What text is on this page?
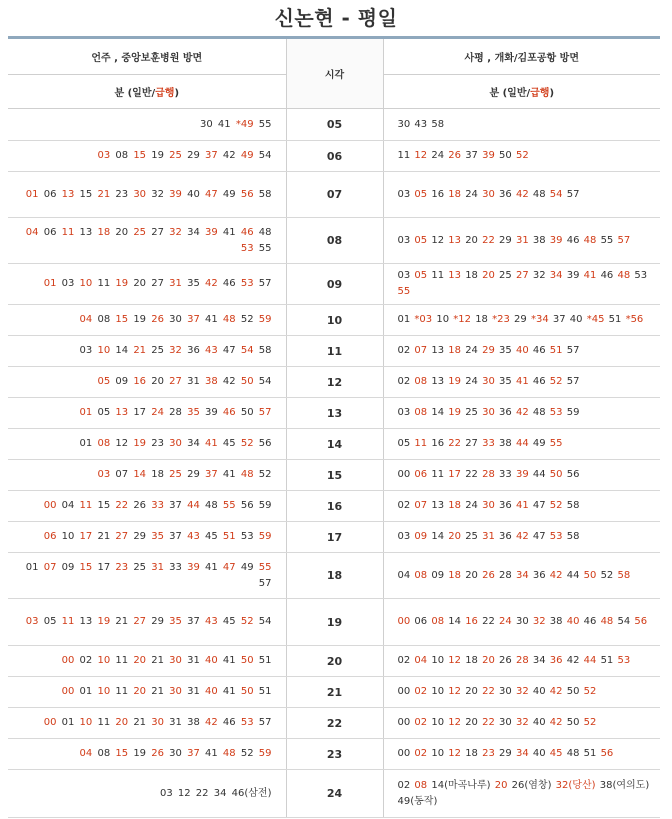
신논현 - 평일
언주 , 중앙보훈병원 방면	시각	사평 , 개화/김포공항 방면
분 (일반/급행)		분 (일반/급행)
30 41 *49 55	05	30 43 58
03 08 15 19 25 29 37 42 49 54	06	11 12 24 26 37 39 50 52
01 06 13 15 21 23 30 32 39 40 47 49 56 58	07	03 05 16 18 24 30 36 42 48 54 57
04 06 11 13 18 20 25 27 32 34 39 41 46 48 53 55	08	03 05 12 13 20 22 29 31 38 39 46 48 55 57
01 03 10 11 19 20 27 31 35 42 46 53 57	09	03 05 11 13 18 20 25 27 32 34 39 41 46 48 53 55
04 08 15 19 26 30 37 41 48 52 59	10	01 *03 10 *12 18 *23 29 *34 37 40 *45 51 *56
03 10 14 21 25 32 36 43 47 54 58	11	02 07 13 18 24 29 35 40 46 51 57
05 09 16 20 27 31 38 42 50 54	12	02 08 13 19 24 30 35 41 46 52 57
01 05 13 17 24 28 35 39 46 50 57	13	03 08 14 19 25 30 36 42 48 53 59
01 08 12 19 23 30 34 41 45 52 56	14	05 11 16 22 27 33 38 44 49 55
03 07 14 18 25 29 37 41 48 52	15	00 06 11 17 22 28 33 39 44 50 56
00 04 11 15 22 26 33 37 44 48 55 56 59	16	02 07 13 18 24 30 36 41 47 52 58
06 10 17 21 27 29 35 37 43 45 51 53 59	17	03 09 14 20 25 31 36 42 47 53 58
01 07 09 15 17 23 25 31 33 39 41 47 49 55 57	18	04 08 09 18 20 26 28 34 36 42 44 50 52 58
03 05 11 13 19 21 27 29 35 37 43 45 52 54	19	00 06 08 14 16 22 24 30 32 38 40 46 48 54 56
00 02 10 11 20 21 30 31 40 41 50 51	20	02 04 10 12 18 20 26 28 34 36 42 44 51 53
00 01 10 11 20 21 30 31 40 41 50 51	21	00 02 10 12 20 22 30 32 40 42 50 52
00 01 10 11 20 21 30 31 38 42 46 53 57	22	00 02 10 12 20 22 30 32 40 42 50 52
04 08 15 19 26 30 37 41 48 52 59	23	00 02 10 12 18 23 29 34 40 45 48 51 56
03 12 22 34 46(삼전)	24	02 08 14(마곡나루) 20 26(염창) 32(당산) 38(여의도) 49(동작)
